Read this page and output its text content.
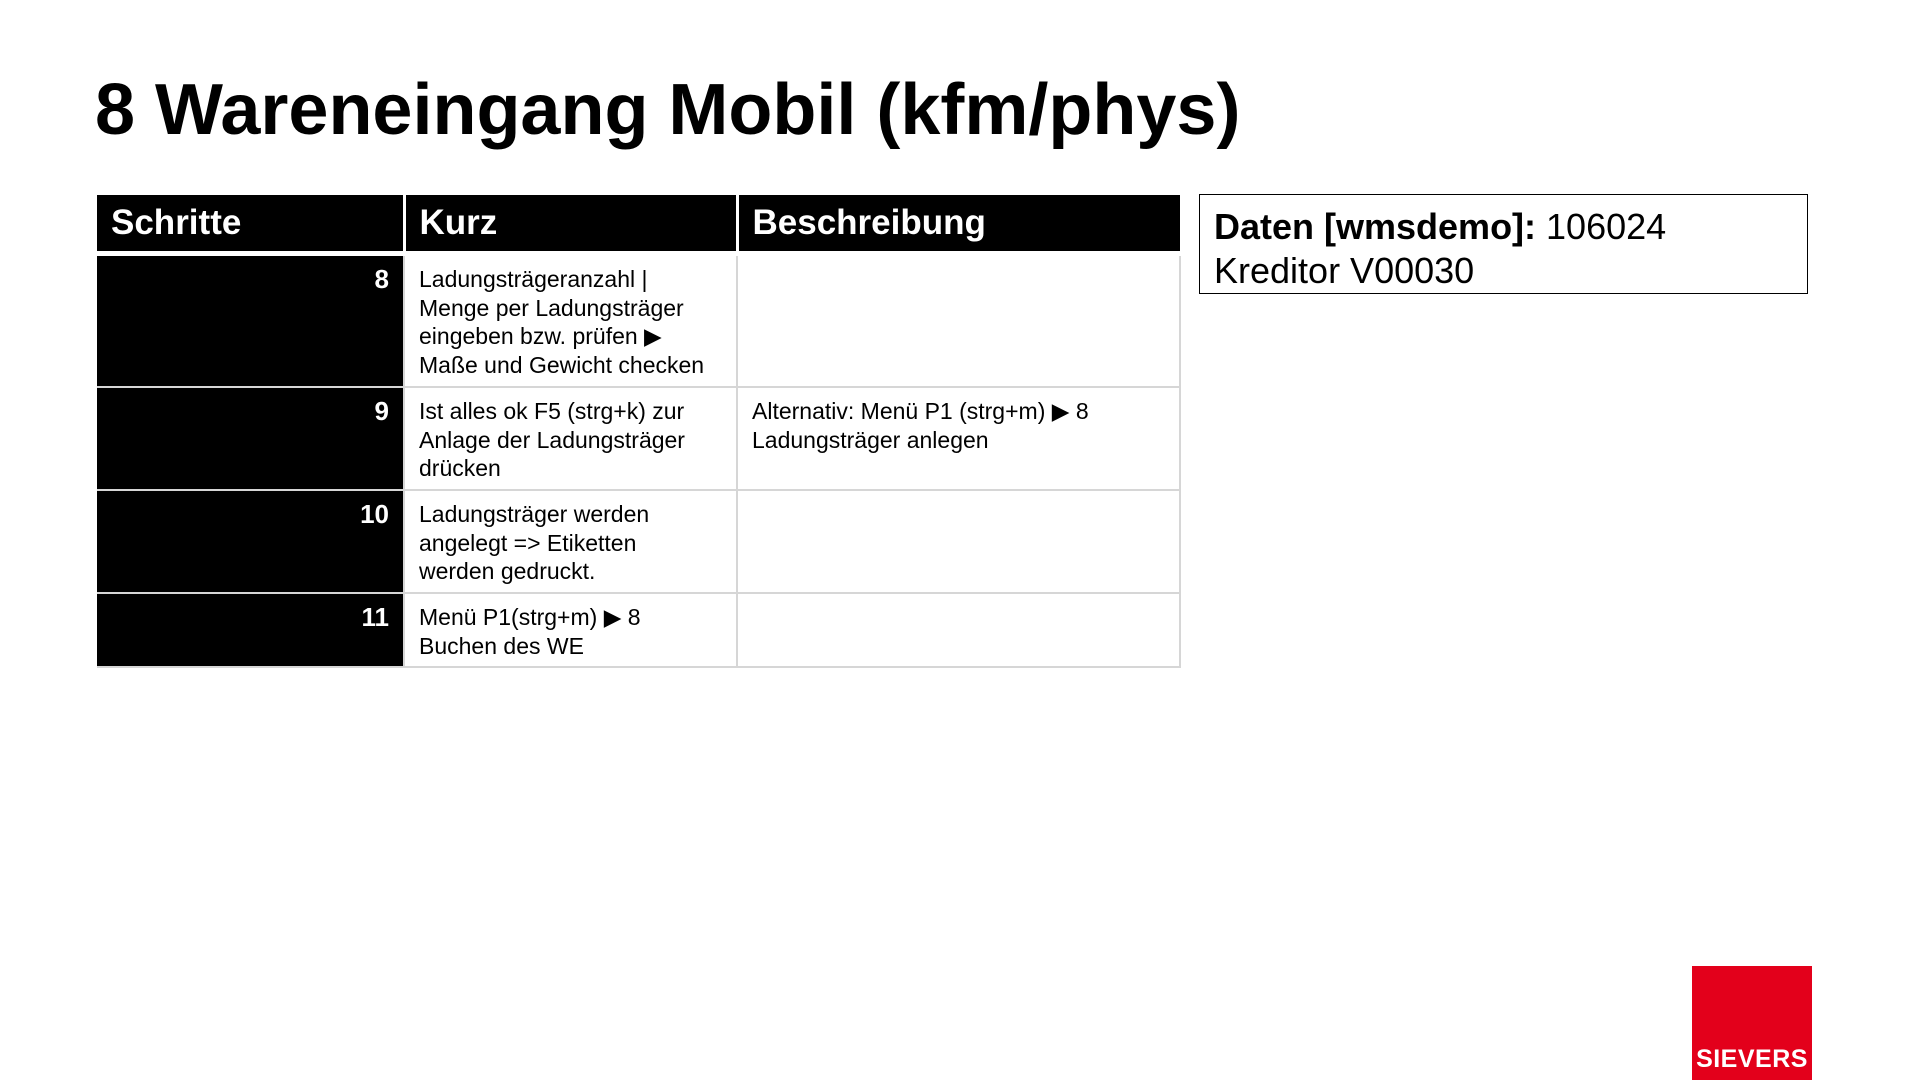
8 Wareneingang Mobil (kfm/phys)
Schritte	Kurz	Beschreibung
8	Ladungsträgeranzahl |
Menge per Ladungsträger
eingeben bzw. prüfen ▶
Maße und Gewicht checken	
9	Ist alles ok F5 (strg+k) zur
Anlage der Ladungsträger
drücken	Alternativ: Menü P1 (strg+m) ▶ 8
Ladungsträger anlegen
10	Ladungsträger werden
angelegt => Etiketten
werden gedruckt.	
11	Menü P1(strg+m) ▶ 8
Buchen des WE	
Daten [wmsdemo]: 106024
Kreditor V00030
SIEVERS
